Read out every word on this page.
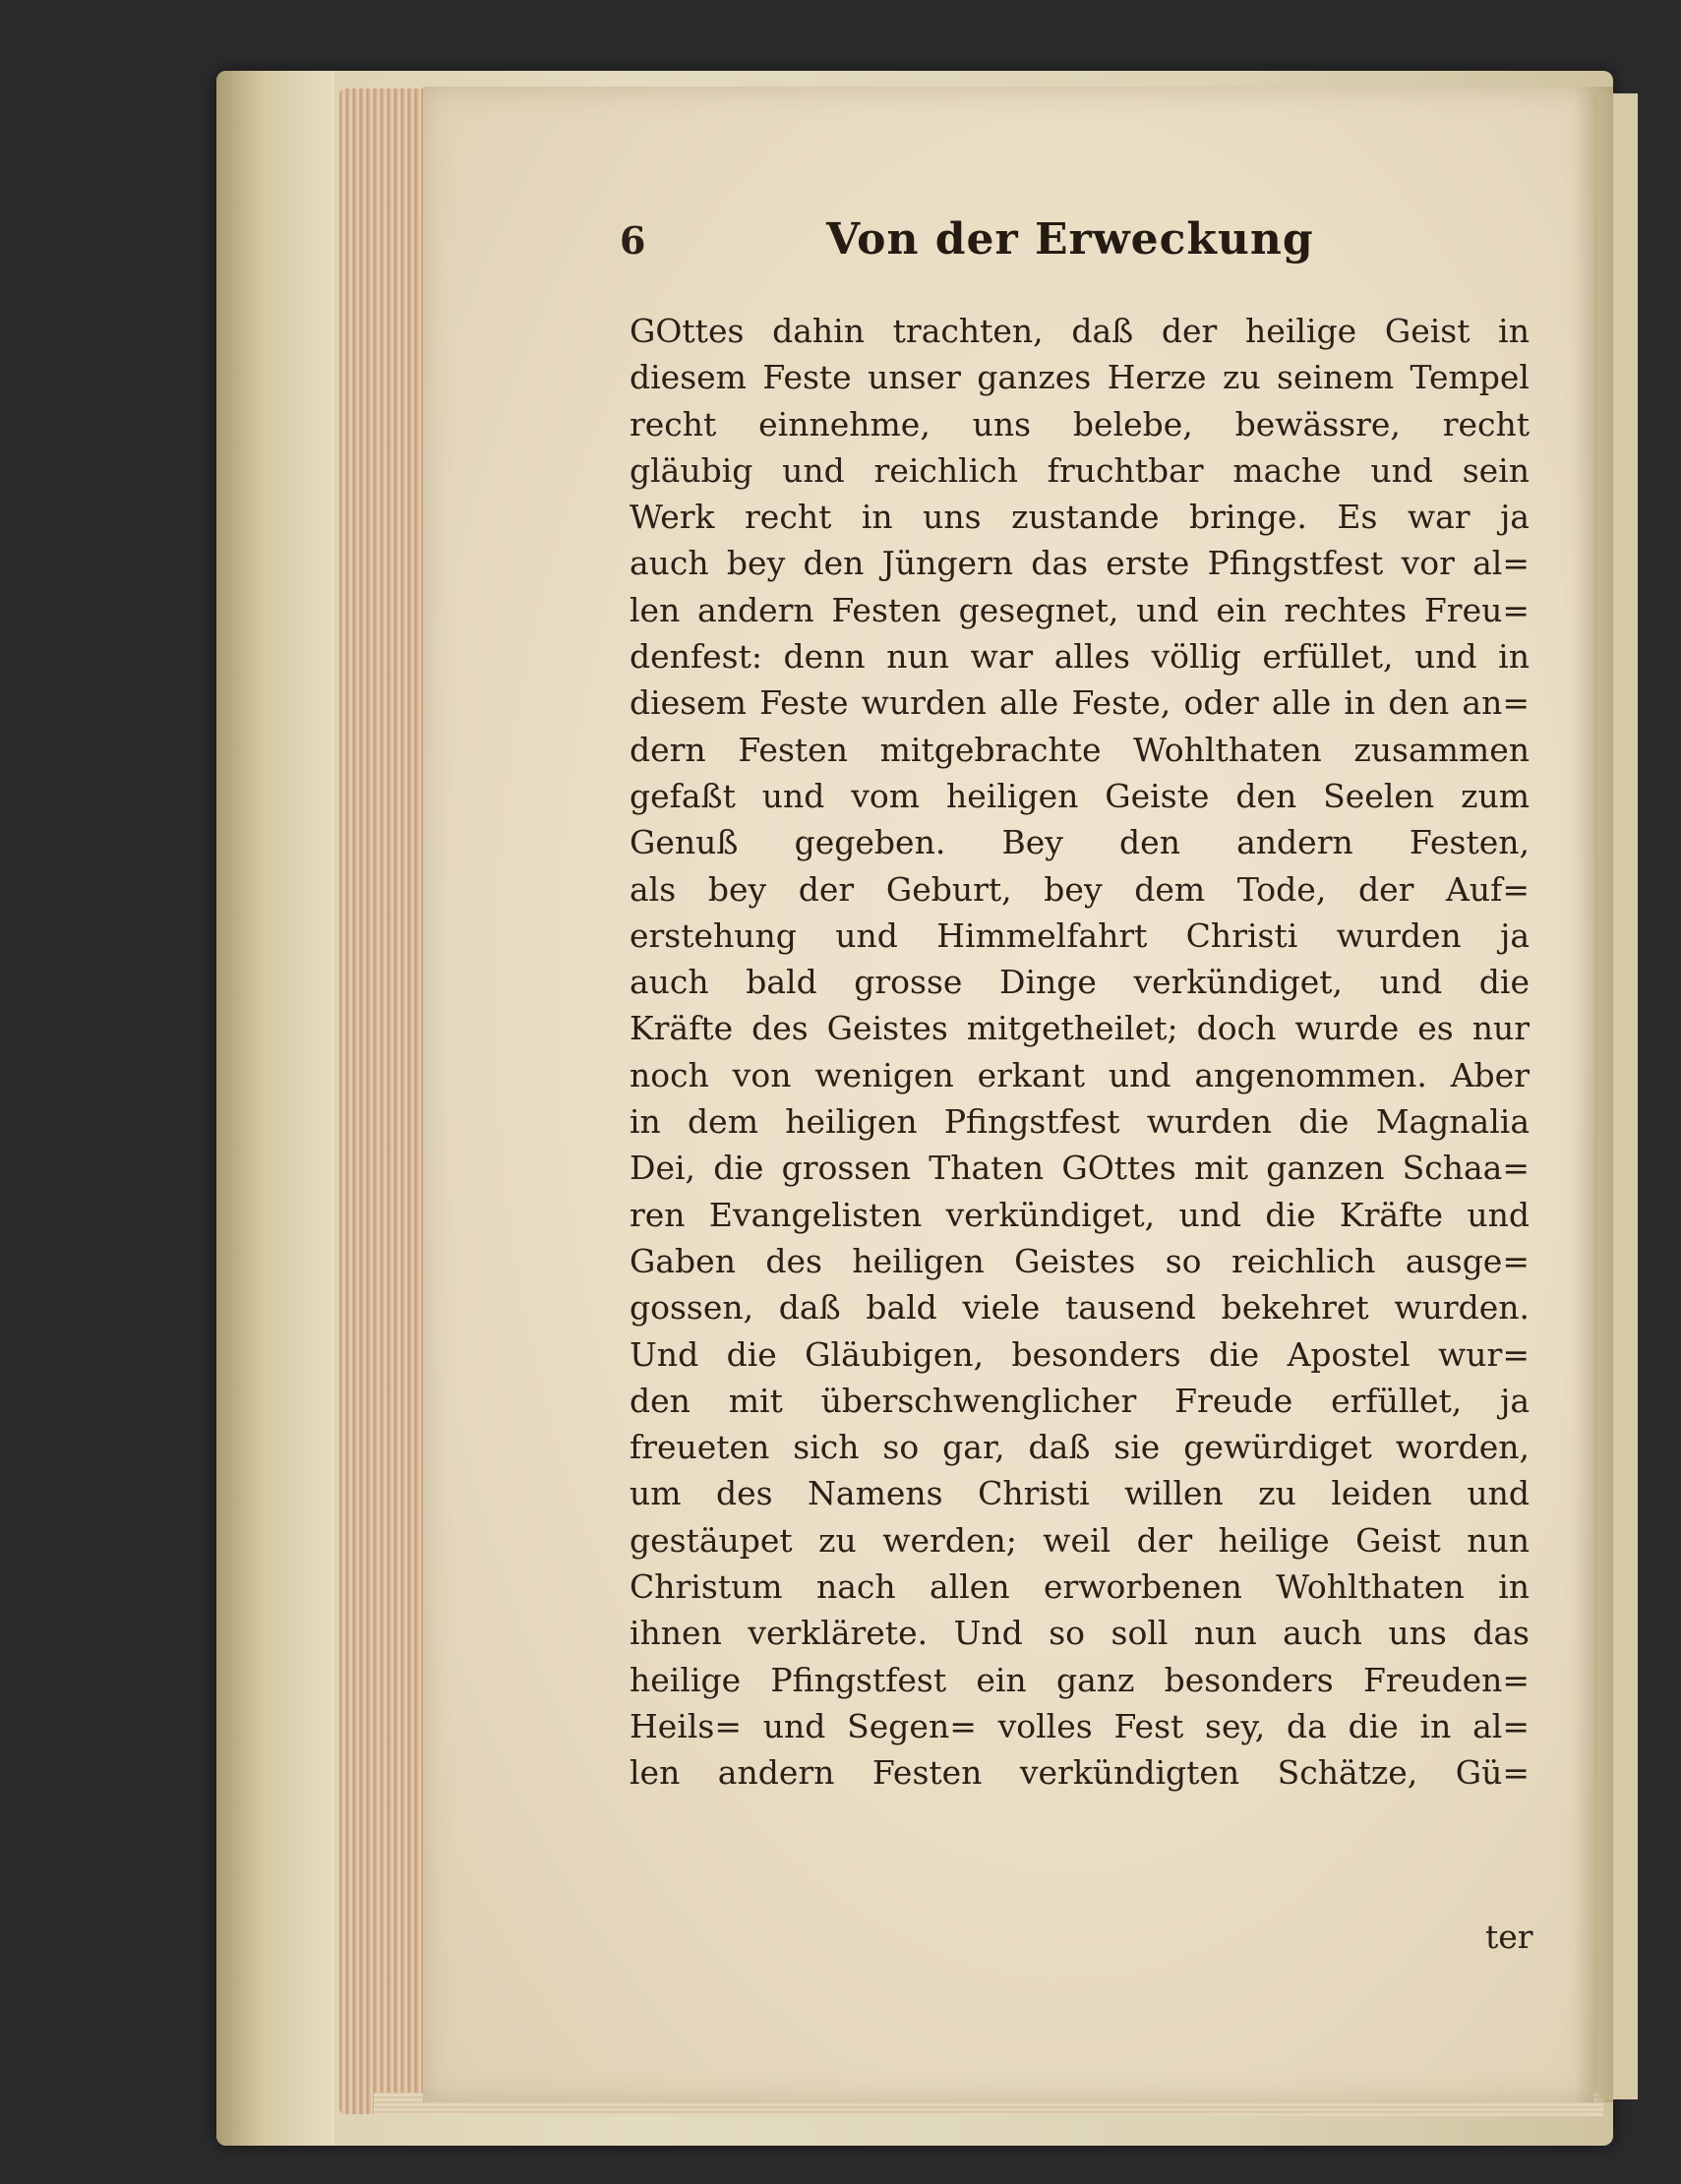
6	Von der Erweckung
GOttes dahin trachten, daß der heilige Geist in
diesem Feste unser ganzes Herze zu seinem Tempel
recht einnehme, uns belebe, bewässre, recht
gläubig und reichlich fruchtbar mache und sein
Werk recht in uns zustande bringe. Es war ja
auch bey den Jüngern das erste Pfingstfest vor al=
len andern Festen gesegnet, und ein rechtes Freu=
denfest: denn nun war alles völlig erfüllet, und in
diesem Feste wurden alle Feste, oder alle in den an=
dern Festen mitgebrachte Wohlthaten zusammen
gefaßt und vom heiligen Geiste den Seelen zum
Genuß gegeben. Bey den andern Festen,
als bey der Geburt, bey dem Tode, der Auf=
erstehung und Himmelfahrt Christi wurden ja
auch bald grosse Dinge verkündiget, und die
Kräfte des Geistes mitgetheilet; doch wurde es nur
noch von wenigen erkant und angenommen. Aber
in dem heiligen Pfingstfest wurden die Magnalia
Dei, die grossen Thaten GOttes mit ganzen Schaa=
ren Evangelisten verkündiget, und die Kräfte und
Gaben des heiligen Geistes so reichlich ausge=
gossen, daß bald viele tausend bekehret wurden.
Und die Gläubigen, besonders die Apostel wur=
den mit überschwenglicher Freude erfüllet, ja
freueten sich so gar, daß sie gewürdiget worden,
um des Namens Christi willen zu leiden und
gestäupet zu werden; weil der heilige Geist nun
Christum nach allen erworbenen Wohlthaten in
ihnen verklärete. Und so soll nun auch uns das
heilige Pfingstfest ein ganz besonders Freuden=
Heils= und Segen= volles Fest sey, da die in al=
len andern Festen verkündigten Schätze, Gü=
ter
